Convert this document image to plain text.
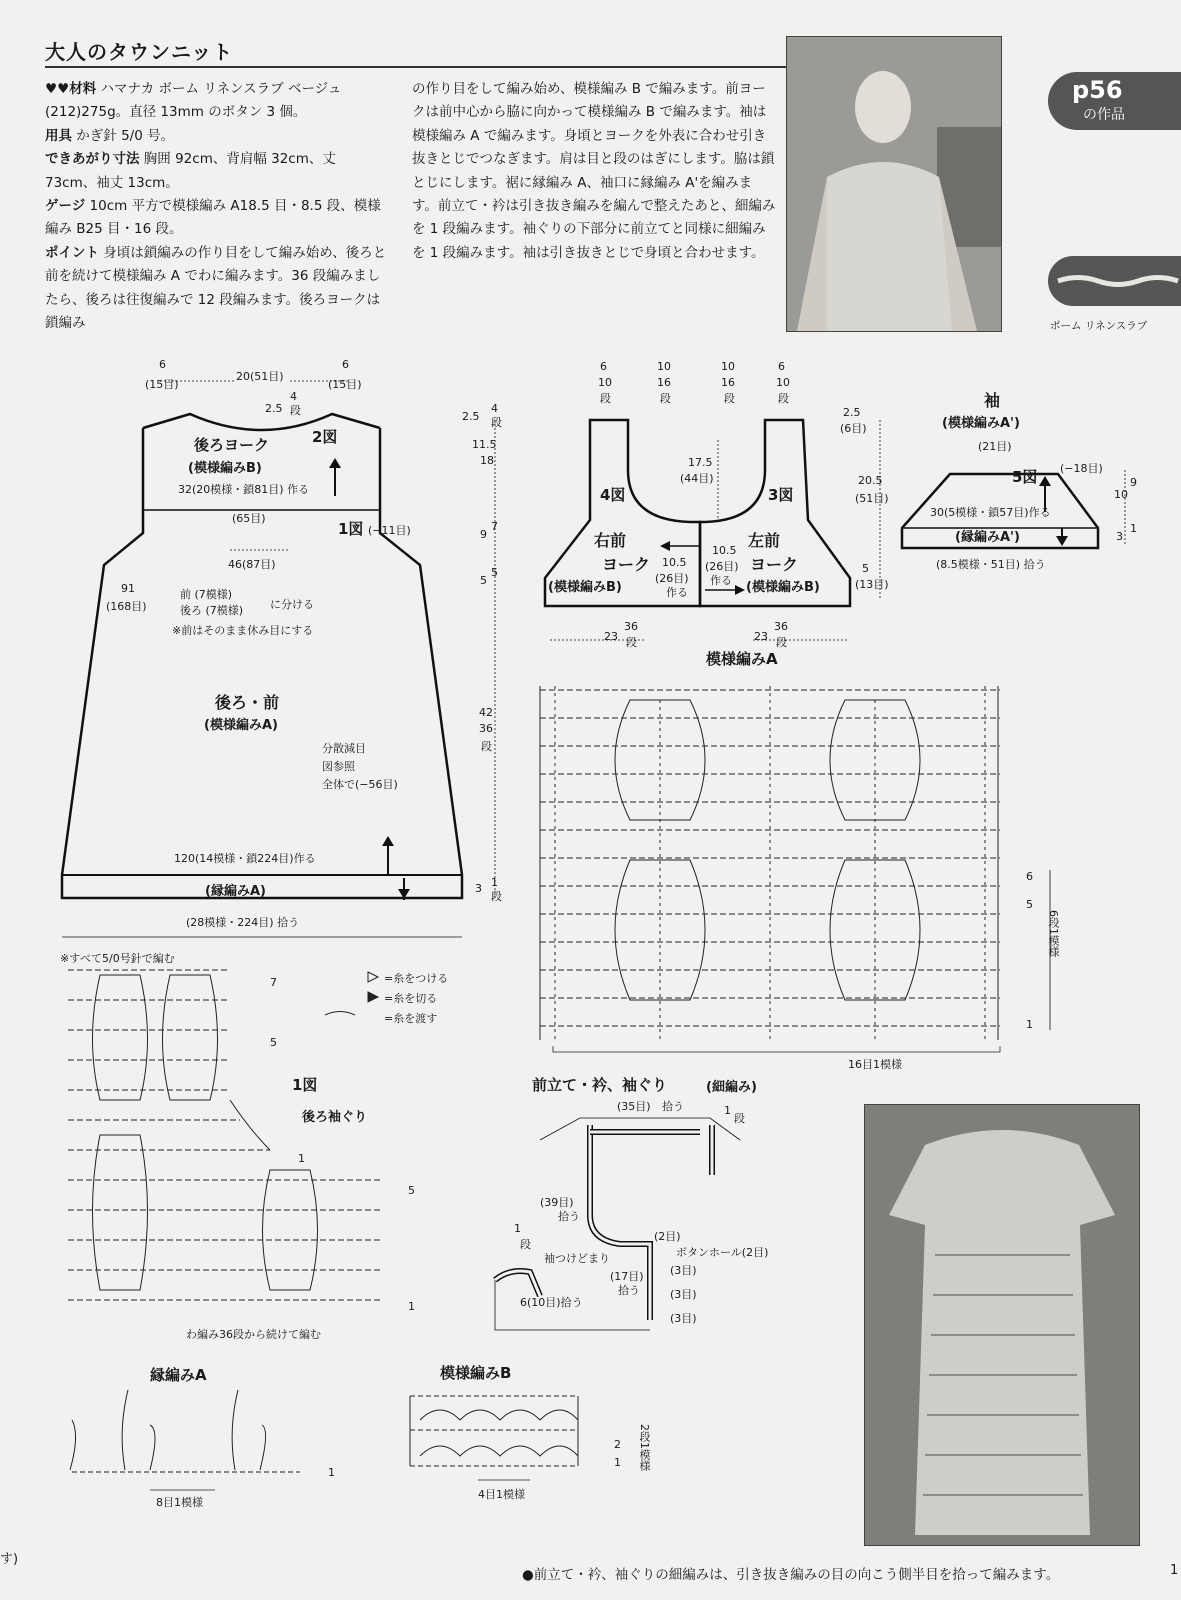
大人のタウンニット
♥♥材料 ハマナカ ボーム リネンスラブ ベージュ(212)275g。直径 13mm のボタン 3 個。
用具 かぎ針 5/0 号。
できあがり寸法 胸囲 92cm、背肩幅 32cm、丈 73cm、袖丈 13cm。
ゲージ 10cm 平方で模様編み A18.5 目・8.5 段、模様編み B25 目・16 段。
ポイント 身頃は鎖編みの作り目をして編み始め、後ろと前を続けて模様編み A でわに編みます。36 段編みましたら、後ろは往復編みで 12 段編みます。後ろヨークは鎖編み
の作り目をして編み始め、模様編み B で編みます。前ヨークは前中心から脇に向かって模様編み B で編みます。袖は模様編み A で編みます。身頃とヨークを外表に合わせ引き抜きとじでつなぎます。肩は目と段のはぎにします。脇は鎖とじにします。裾に縁編み A、袖口に縁編み A'を編みます。前立て・衿は引き抜き編みを編んで整えたあと、細編みを 1 段編みます。袖ぐりの下部分に前立てと同様に細編みを 1 段編みます。袖は引き抜きとじで身頃と合わせます。
p56
の作品
ボーム リネンスラブ
6
(15目)
20(51目)
6
(15目)
2.5
4
段
後ろヨーク
(模様編みB)
2図
32(20模様・鎖81目) 作る
(65目)
1図 (−11目)
46(87目)
91
(168目)
前 (7模様)
後ろ (7模様) に分ける
※前はそのまま休み目にする
後ろ・前
(模様編みA)
分散減目
図参照
全体で(−56目)
120(14模様・鎖224目)作る
(縁編みA)
(28模様・224目) 拾う
2.5
4
段
11.5
18
9
7
5
5
42
36
段
3 1
段
※すべて5/0号針で編む
6
10
段
10
16
段
10
16
段
6
10
段
17.5
(44目)
4図	3図
右前
ヨーク
(模様編みB)
左前
ヨーク
(模様編みB)
10.5
(26目)
作る
10.5
(26目)
作る
23
36
段	23
36
段
袖
(模様編みA')
(21目)
5図 (−18目)
30(5模様・鎖57目)作る
(縁編みA')
(8.5模様・51目) 拾う
2.5
(6目)
20.5
(51目)
5
(13目)
10
9
1
3
模様編みA
16目1模様
6段1模様
6
5
1
=糸をつける
=糸を切る
=糸を渡す
1図
後ろ袖ぐり
わ編み36段から続けて編む
7
5
1
5
1
前立て・衿、袖ぐり	(細編み)
(35目) 拾う	1
段
(39目)
拾う
1
段
袖つけどまり
(2目)
ボタンホール(2目)
(17目)
拾う
(3目)
(3目)
(3目)
6(10目)拾う
縁編みA
8目1模様
1
模様編みB
4目1模様
2段1模様
2
1
●前立て・衿、袖ぐりの細編みは、引き抜き編みの目の向こう側半目を拾って編みます。	1
す)
